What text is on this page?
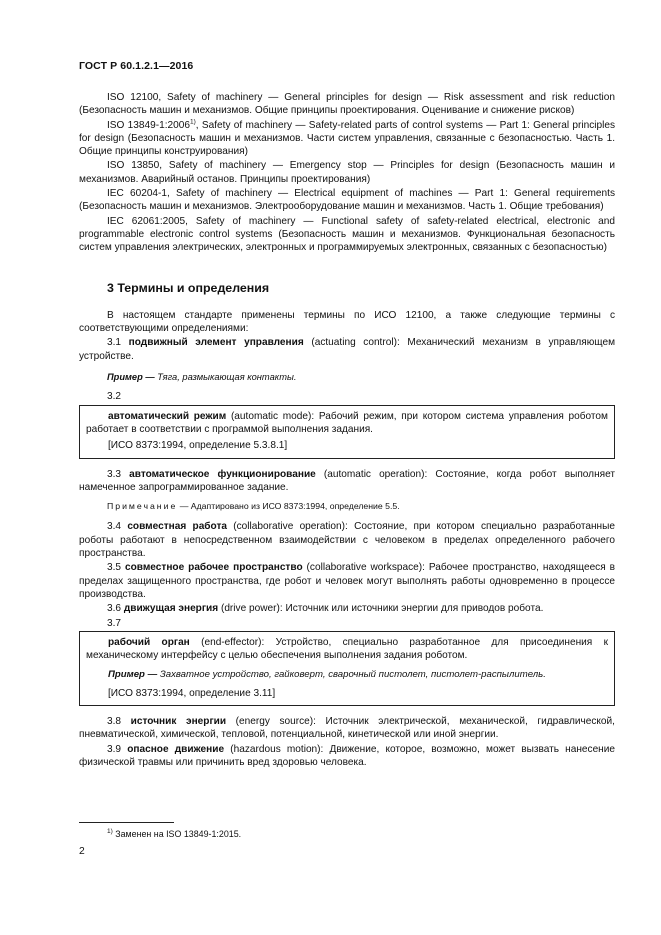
ГОСТ Р 60.1.2.1—2016

ISO 12100, Safety of machinery — General principles for design — Risk assessment and risk reduction (Безопасность машин и механизмов. Общие принципы проектирования. Оценивание и снижение рисков)

ISO 13849-1:2006$^{1)}$, Safety of machinery — Safety-related parts of control systems — Part 1: General principles for design (Безопасность машин и механизмов. Части систем управления, связанные с безопасностью. Часть 1. Общие принципы конструирования)

ISO 13850, Safety of machinery — Emergency stop — Principles for design (Безопасность машин и механизмов. Аварийный останов. Принципы проектирования)

IEC 60204-1, Safety of machinery — Electrical equipment of machines — Part 1: General requirements (Безопасность машин и механизмов. Электрооборудование машин и механизмов. Часть 1. Общие требования)

IEC 62061:2005, Safety of machinery — Functional safety of safety-related electrical, electronic and programmable electronic control systems (Безопасность машин и механизмов. Функциональная безопасность систем управления электрических, электронных и программируемых электронных, связанных с безопасностью)

3 Термины и определения

В настоящем стандарте применены термины по ИСО 12100, а также следующие термины с соответствующими определениями:

3.1 подвижный элемент управления (actuating control): Механический механизм в управляющем устройстве.

Пример — Тяга, размыкающая контакты.
3.2

автоматический режим (automatic mode): Рабочий режим, при котором система управления роботом работает в соответствии с программой выполнения задания.

[ИСО 8373:1994, определение 5.3.8.1]

3.3 автоматическое функционирование (automatic operation): Состояние, когда робот выполняет намеченное запрограммированное задание.

Примечание — Адаптировано из ИСО 8373:1994, определение 5.5.

3.4 совместная работа (collaborative operation): Состояние, при котором специально разработанные роботы работают в непосредственном взаимодействии с человеком в пределах определенного рабочего пространства.

3.5 совместное рабочее пространство (collaborative workspace): Рабочее пространство, находящееся в пределах защищенного пространства, где робот и человек могут выполнять работы одновременно в процессе производства.

3.6 движущая энергия (drive power): Источник или источники энергии для приводов робота.

3.7

рабочий орган (end-effector): Устройство, специально разработанное для присоединения к механическому интерфейсу с целью обеспечения выполнения задания роботом.

Пример — Захватное устройство, гайковерт, сварочный пистолет, пистолет-распылитель.
[ИСО 8373:1994, определение 3.11]

3.8 источник энергии (energy source): Источник электрической, механической, гидравлической, пневматической, химической, тепловой, потенциальной, кинетической или иной энергии.

3.9 опасное движение (hazardous motion): Движение, которое, возможно, может вызвать нанесение физической травмы или причинить вред здоровью человека.

$^{1)}$ Заменен на ISO 13849-1:2015.
2
